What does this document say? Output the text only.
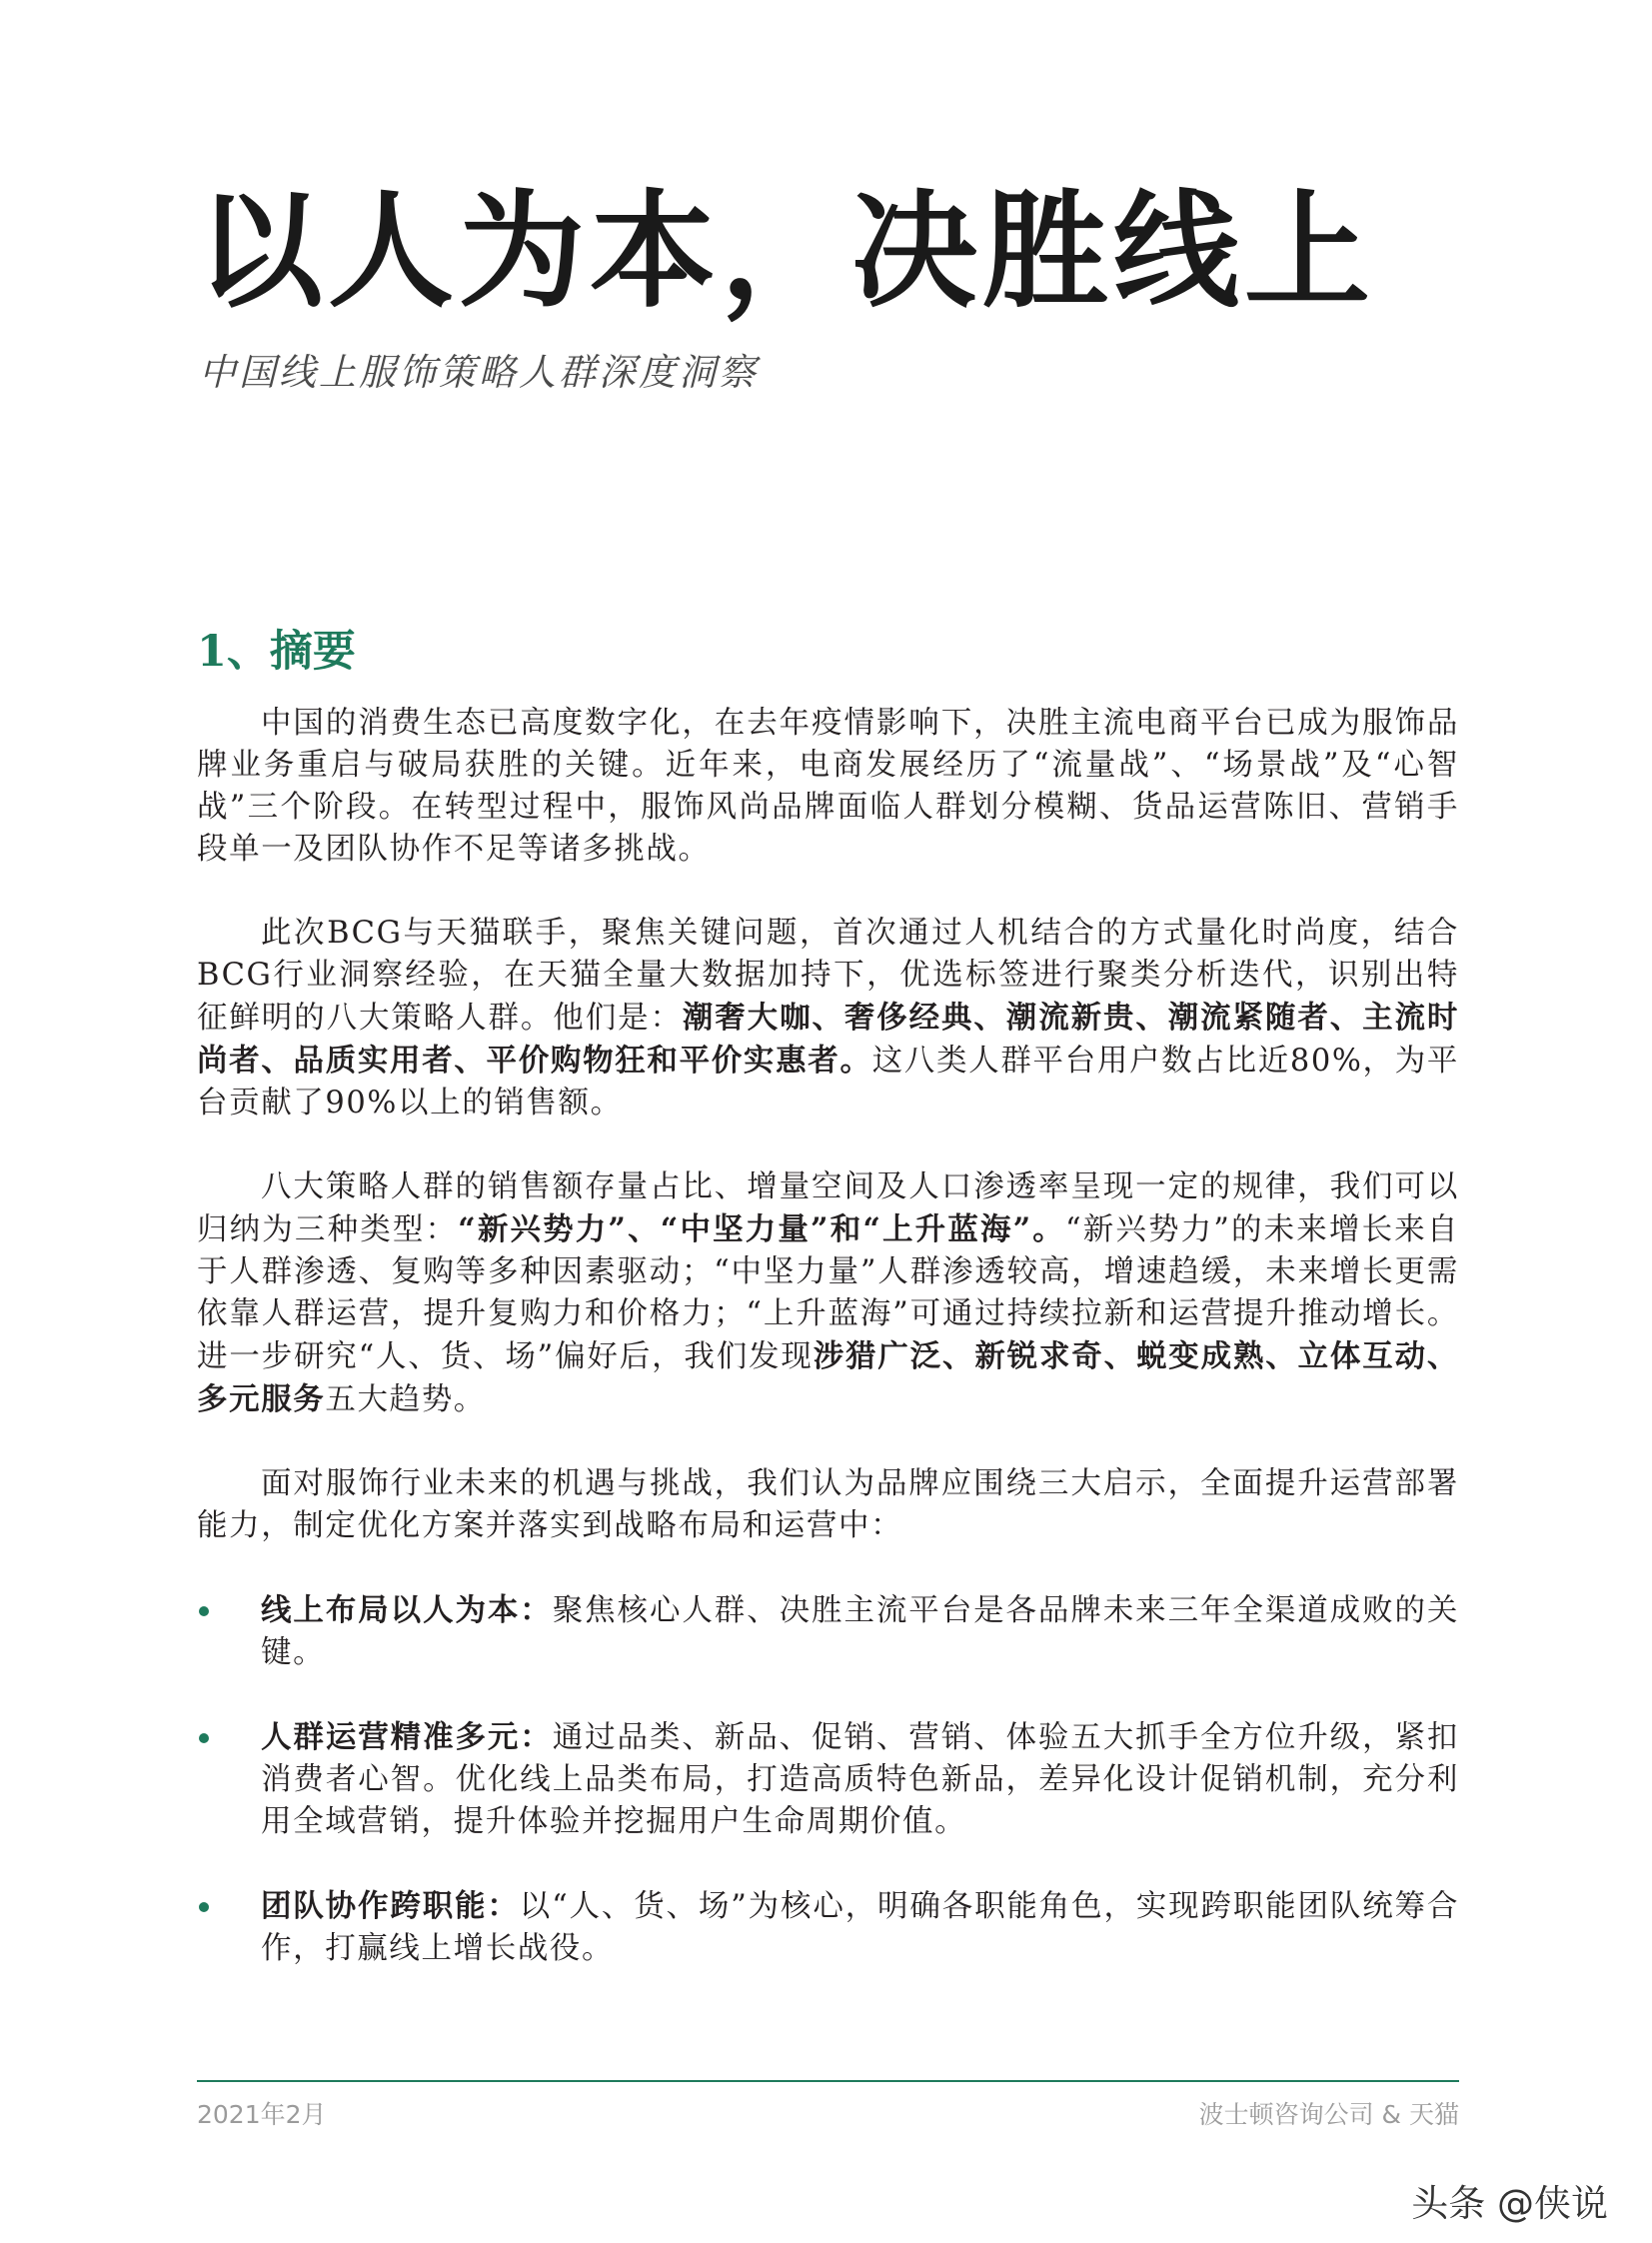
以人为本，决胜线上
中国线上服饰策略人群深度洞察
1、摘要

中国的消费生态已高度数字化，在去年疫情影响下，决胜主流电商平台已成为服饰品牌业务重启与破局获胜的关键。近年来，电商发展经历了“流量战”、“场景战”及“心智战”三个阶段。在转型过程中，服饰风尚品牌面临人群划分模糊、货品运营陈旧、营销手段单一及团队协作不足等诸多挑战。

此次BCG与天猫联手，聚焦关键问题，首次通过人机结合的方式量化时尚度，结合BCG行业洞察经验，在天猫全量大数据加持下，优选标签进行聚类分析迭代，识别出特征鲜明的八大策略人群。他们是：潮奢大咖、奢侈经典、潮流新贵、潮流紧随者、主流时尚者、品质实用者、平价购物狂和平价实惠者。这八类人群平台用户数占比近80%，为平台贡献了90%以上的销售额。

八大策略人群的销售额存量占比、增量空间及人口渗透率呈现一定的规律，我们可以归纳为三种类型：“新兴势力”、“中坚力量”和“上升蓝海”。“新兴势力”的未来增长来自于人群渗透、复购等多种因素驱动；“中坚力量”人群渗透较高，增速趋缓，未来增长更需依靠人群运营，提升复购力和价格力；“上升蓝海”可通过持续拉新和运营提升推动增长。进一步研究“人、货、场”偏好后，我们发现涉猎广泛、新锐求奇、蜕变成熟、立体互动、多元服务五大趋势。

面对服饰行业未来的机遇与挑战，我们认为品牌应围绕三大启示，全面提升运营部署能力，制定优化方案并落实到战略布局和运营中：

线上布局以人为本：聚焦核心人群、决胜主流平台是各品牌未来三年全渠道成败的关键。
人群运营精准多元：通过品类、新品、促销、营销、体验五大抓手全方位升级，紧扣消费者心智。优化线上品类布局，打造高质特色新品，差异化设计促销机制，充分利用全域营销，提升体验并挖掘用户生命周期价值。
团队协作跨职能：以“人、货、场”为核心，明确各职能角色，实现跨职能团队统筹合作，打赢线上增长战役。
2021年2月	波士顿咨询公司 & 天猫
头条 @侠说
